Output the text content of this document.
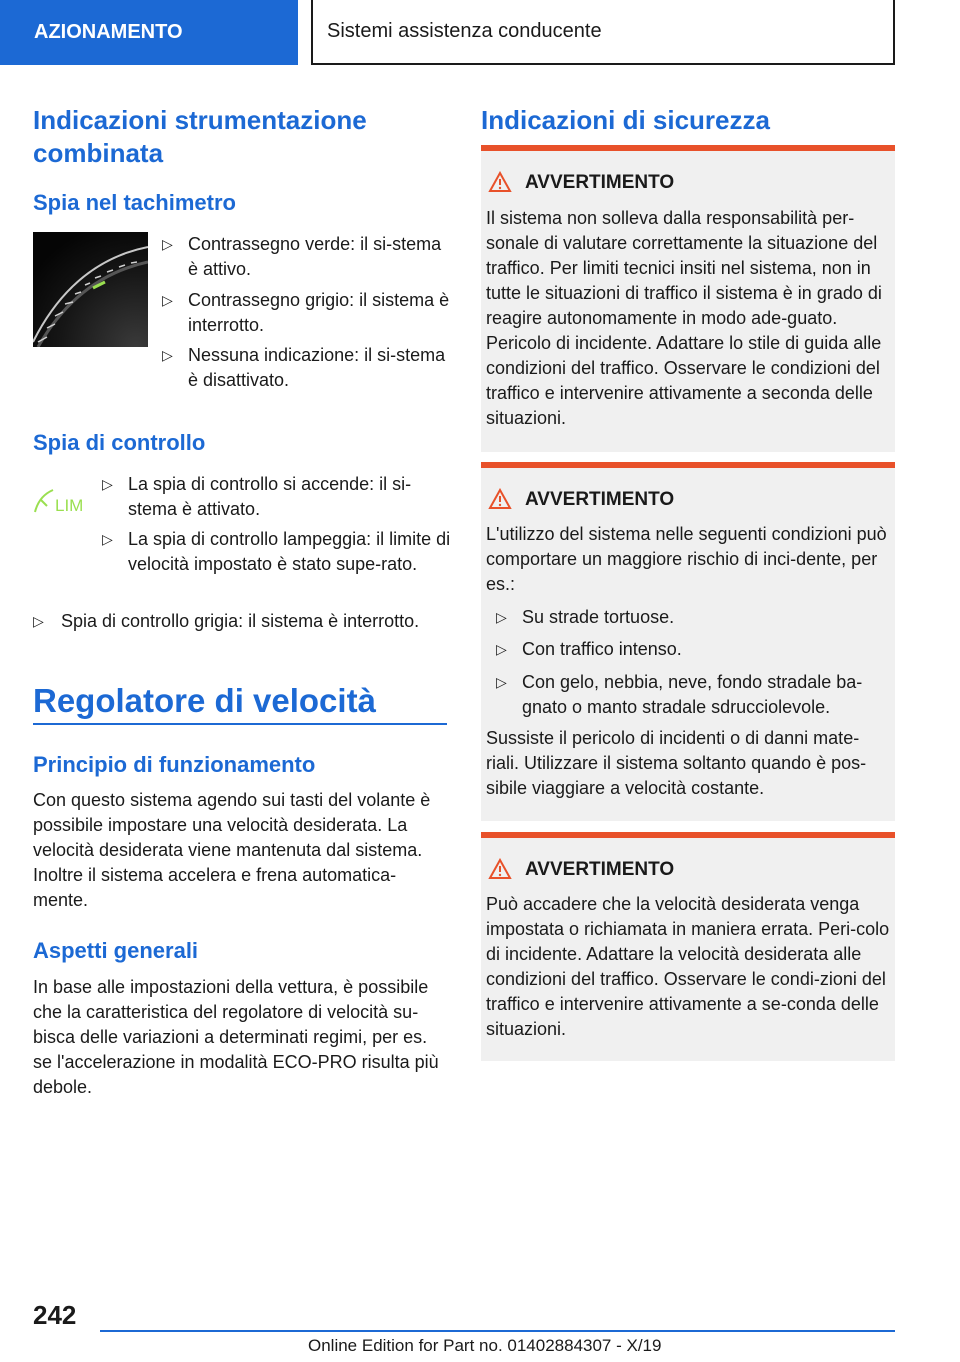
AZIONAMENTO	Sistemi assistenza conducente
Indicazioni strumentazione combinata
Spia nel tachimetro
▷ Contrassegno verde: il si-stema è attivo.
▷ Contrassegno grigio: il sistema è interrotto.
▷ Nessuna indicazione: il si-stema è disattivato.
Spia di controllo
LIM
▷ La spia di controllo si accende: il si-stema è attivato.
▷ La spia di controllo lampeggia: il limite di velocità impostato è stato supe-rato.
▷ Spia di controllo grigia: il sistema è interrotto.
Regolatore di velocità
Principio di funzionamento
Con questo sistema agendo sui tasti del volante è possibile impostare una velocità desiderata. La velocità desiderata viene mantenuta dal sistema. Inoltre il sistema accelera e frena automatica-mente.
Aspetti generali
In base alle impostazioni della vettura, è possibile che la caratteristica del regolatore di velocità su-bisca delle variazioni a determinati regimi, per es. se l'accelerazione in modalità ECO-PRO risulta più debole.
Indicazioni di sicurezza
AVVERTIMENTO
Il sistema non solleva dalla responsabilità per-sonale di valutare correttamente la situazione del traffico. Per limiti tecnici insiti nel sistema, non in tutte le situazioni di traffico il sistema è in grado di reagire autonomamente in modo ade-guato. Pericolo di incidente. Adattare lo stile di guida alle condizioni del traffico. Osservare le condizioni del traffico e intervenire attivamente a seconda delle situazioni.
AVVERTIMENTO
L'utilizzo del sistema nelle seguenti condizioni può comportare un maggiore rischio di inci-dente, per es.:
▷ Su strade tortuose.
▷ Con traffico intenso.
▷ Con gelo, nebbia, neve, fondo stradale ba-gnato o manto stradale sdrucciolevole.
Sussiste il pericolo di incidenti o di danni mate-riali. Utilizzare il sistema soltanto quando è pos-sibile viaggiare a velocità costante.
AVVERTIMENTO
Può accadere che la velocità desiderata venga impostata o richiamata in maniera errata. Peri-colo di incidente. Adattare la velocità desiderata alle condizioni del traffico. Osservare le condi-zioni del traffico e intervenire attivamente a se-conda delle situazioni.
242
Online Edition for Part no. 01402884307 - X/19
